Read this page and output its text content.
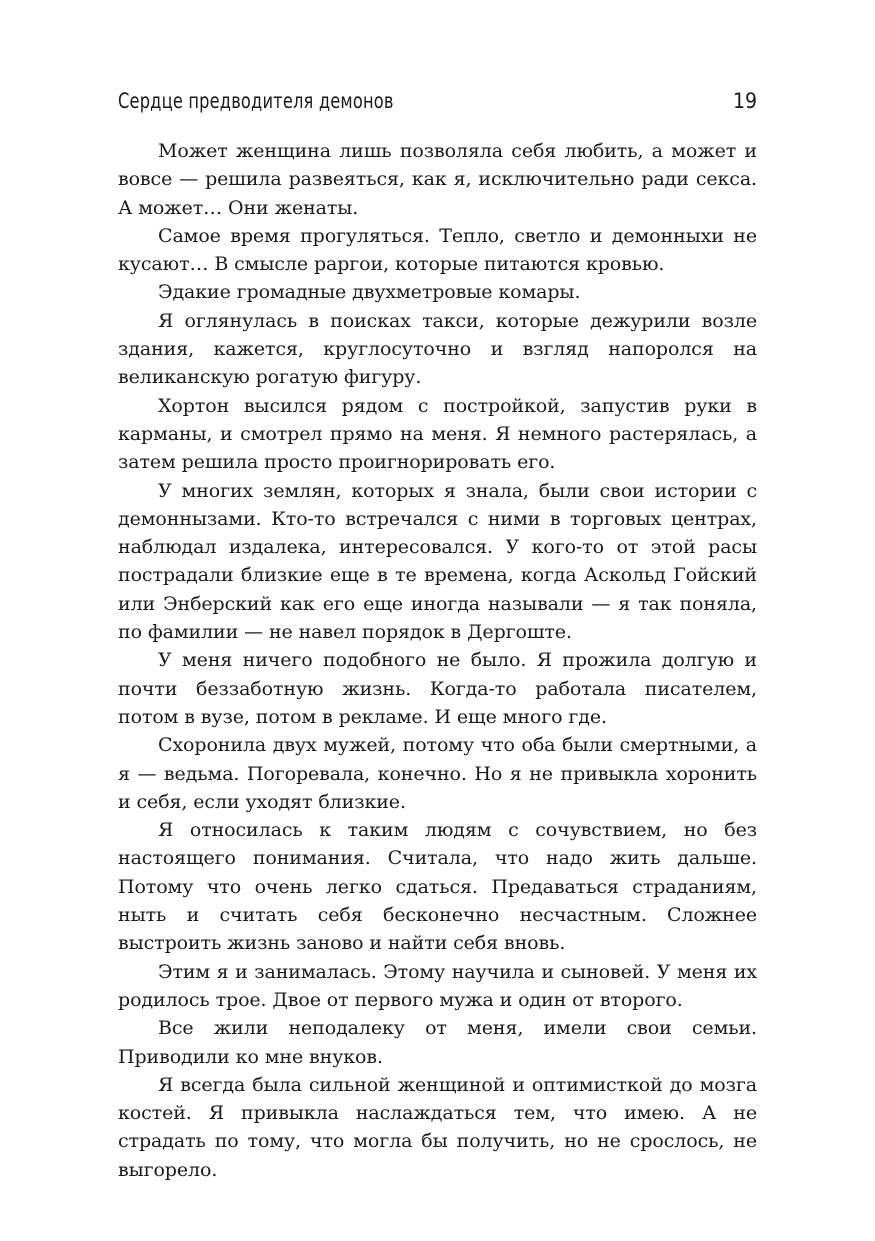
Сердце предводителя демонов	19

Может женщина лишь позволяла себя любить, а может и вовсе — решила развеяться, как я, исключительно ради секса. А может… Они женаты.

Самое время прогуляться. Тепло, светло и демонныхи не кусают… В смысле раргои, которые питаются кровью.

Эдакие громадные двухметровые комары.

Я оглянулась в поисках такси, которые дежурили возле здания, кажется, круглосуточно и взгляд напоролся на великанскую рогатую фигуру.

Хортон высился рядом с постройкой, запустив руки в карманы, и смотрел прямо на меня. Я немного растерялась, а затем решила просто проигнорировать его.

У многих землян, которых я знала, были свои истории с демоннызами. Кто-то встречался с ними в торговых центрах, наблюдал издалека, интересовался. У кого-то от этой расы пострадали близкие еще в те времена, когда Аскольд Гойский или Энберский как его еще иногда называли — я так поняла, по фамилии — не навел порядок в Дергоште.

У меня ничего подобного не было. Я прожила долгую и почти беззаботную жизнь. Когда-то работала писателем, потом в вузе, потом в рекламе. И еще много где.

Схоронила двух мужей, потому что оба были смертными, а я — ведьма. Погоревала, конечно. Но я не привыкла хоронить и себя, если уходят близкие.

Я относилась к таким людям с сочувствием, но без настоящего понимания. Считала, что надо жить дальше. Потому что очень легко сдаться. Предаваться страданиям, ныть и считать себя бесконечно несчастным. Сложнее выстроить жизнь заново и найти себя вновь.

Этим я и занималась. Этому научила и сыновей. У меня их родилось трое. Двое от первого мужа и один от второго.

Все жили неподалеку от меня, имели свои семьи. Приводили ко мне внуков.

Я всегда была сильной женщиной и оптимисткой до мозга костей. Я привыкла наслаждаться тем, что имею. А не страдать по тому, что могла бы получить, но не срослось, не выгорело.
